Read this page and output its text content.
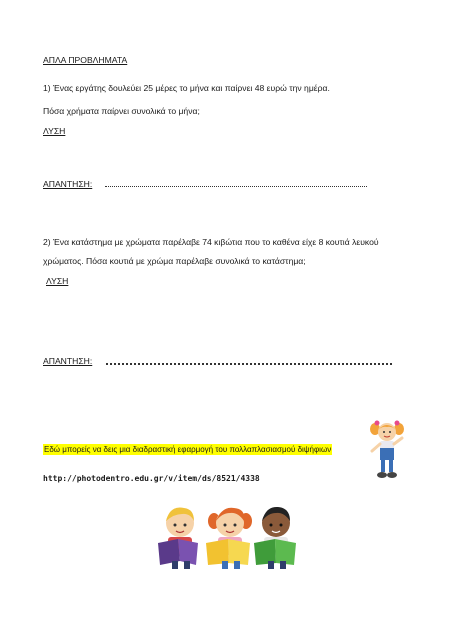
ΑΠΛΑ ΠΡΟΒΛΗΜΑΤΑ
1) Ένας εργάτης δουλεύει 25 μέρες το μήνα και παίρνει 48 ευρώ την ημέρα.
Πόσα χρήματα παίρνει συνολικά το μήνα;
ΛΥΣΗ
ΑΠΑΝΤΗΣΗ:
2) Ένα κατάστημα με χρώματα παρέλαβε 74 κιβώτια που το καθένα είχε 8 κουτιά λευκού
χρώματος. Πόσα κουτιά με χρώμα παρέλαβε συνολικά το κατάστημα;
ΛΥΣΗ
ΑΠΑΝΤΗΣΗ:
Εδώ μπορείς να δεις μια διαδραστική εφαρμογή του πολλαπλασιασμού διψήφιων
http://photodentro.edu.gr/v/item/ds/8521/4338
